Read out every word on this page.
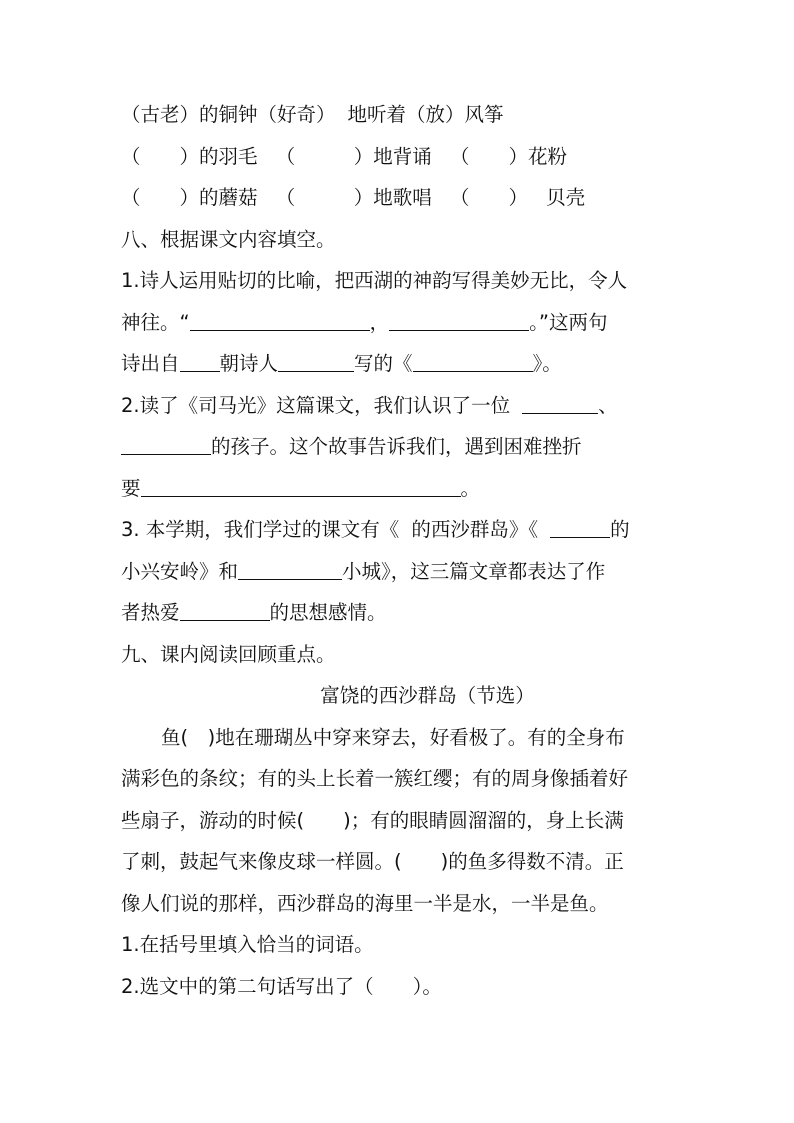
（古老）的铜钟（好奇） 地听着（放）风筝
（　　）的羽毛 （　　　）地背诵 （　　）花粉
（　　）的蘑菇 （　　　）地歌唱 （　　） 贝壳
八、根据课文内容填空。
1.诗人运用贴切的比喻，把西湖的神韵写得美妙无比，令人
神往。“	，	。”这两句
诗出自 朝诗人	写的《	》。
2.读了《司马光》这篇课文，我们认识了一位	、
的孩子。这个故事告诉我们，遇到困难挫折
要	。
3. 本学期，我们学过的课文有《 的西沙群岛》《	的
小兴安岭》和	小城》，这三篇文章都表达了作
者热爱	的思想感情。
九、课内阅读回顾重点。
富饶的西沙群岛（节选）
鱼(　)地在珊瑚丛中穿来穿去，好看极了。有的全身布
满彩色的条纹；有的头上长着一簇红缨；有的周身像插着好
些扇子，游动的时候(　　)；有的眼睛圆溜溜的，身上长满
了刺，鼓起气来像皮球一样圆。(　　)的鱼多得数不清。正
像人们说的那样，西沙群岛的海里一半是水，一半是鱼。
1.在括号里填入恰当的词语。
2.选文中的第二句话写出了（　　）。
